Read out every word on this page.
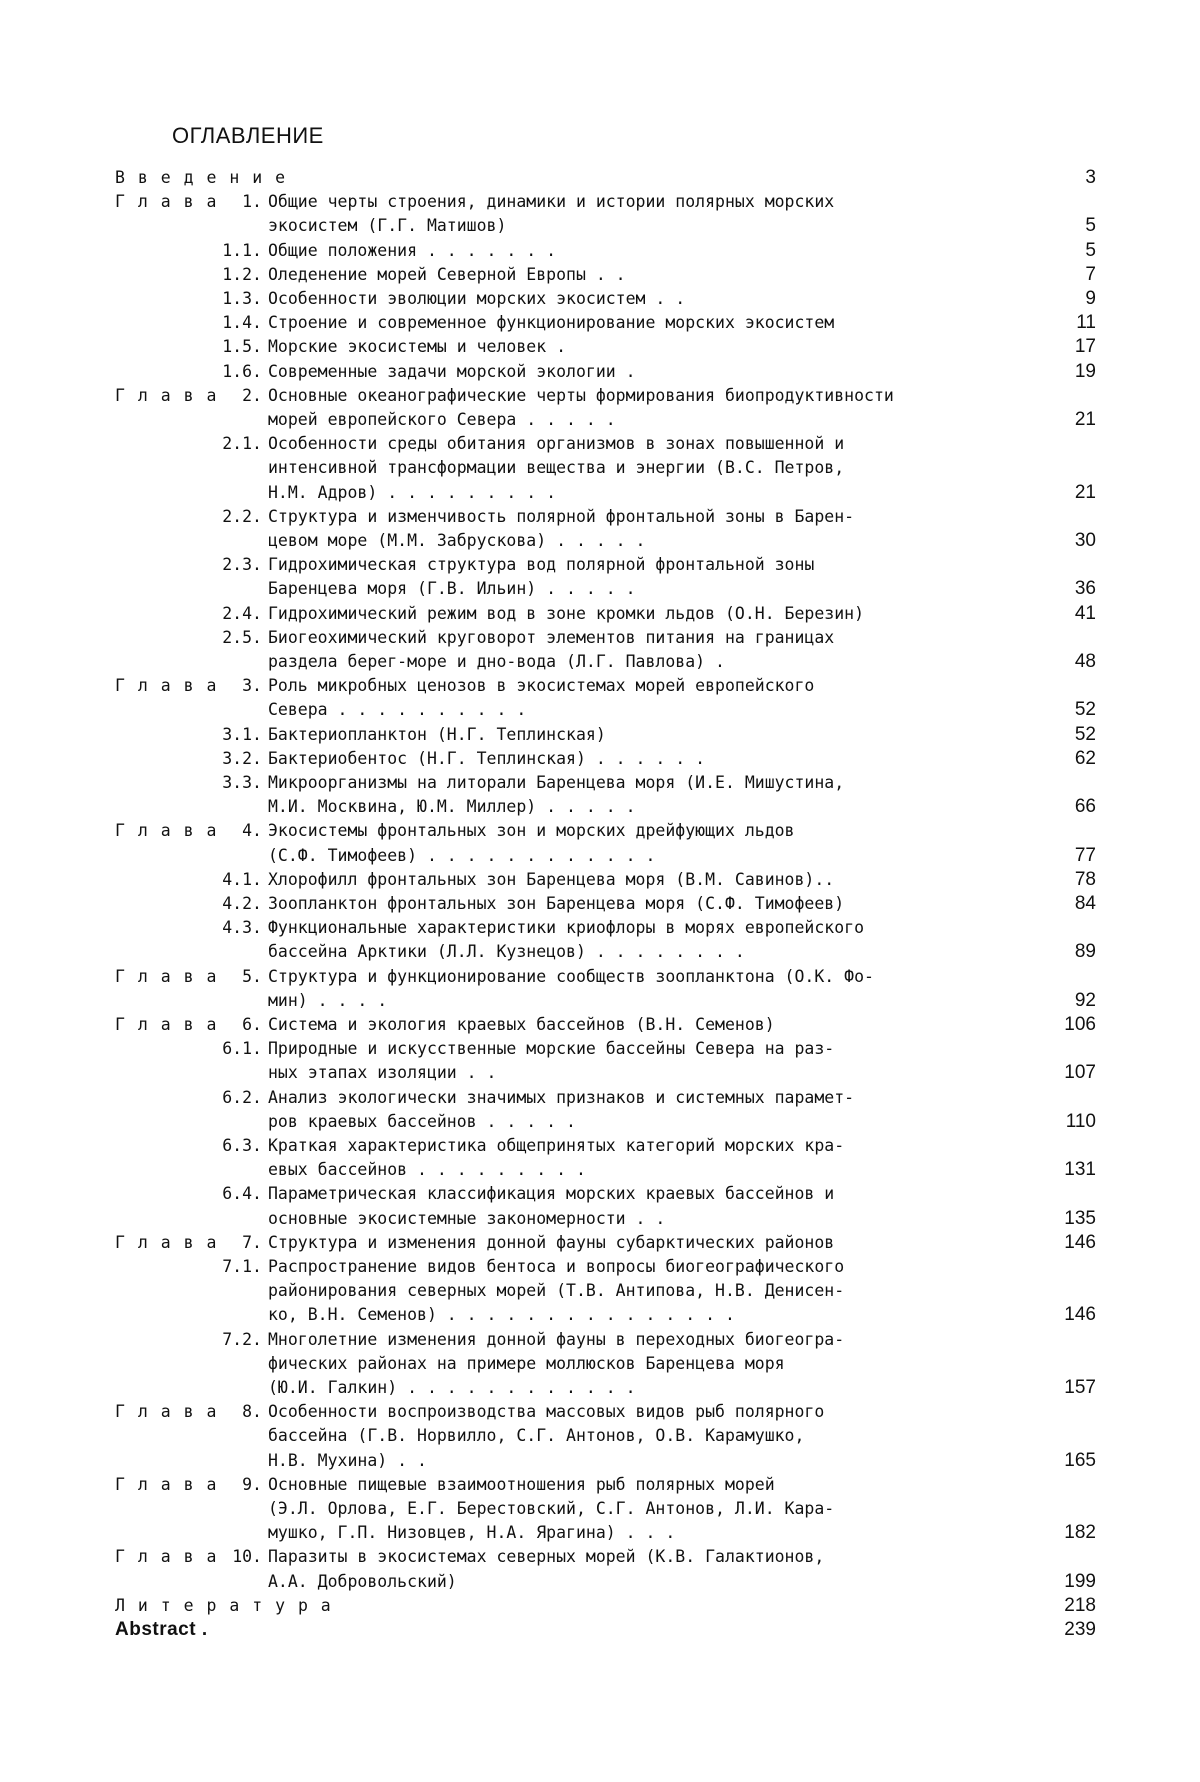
ОГЛАВЛЕНИЕ
В в е д е н и е	3
Г л а в а	1. Общие черты строения, динамики и истории полярных морских
экосистем (Г.Г. Матишов)	5
1.1. Общие положения . . . . . . .	5
1.2. Оледенение морей Северной Европы . .	7
1.3. Особенности эволюции морских экосистем . .	9
1.4. Строение и современное функционирование морских экосистем	11
1.5. Морские экосистемы и человек .	17
1.6. Современные задачи морской экологии .	19
Г л а в а	2. Основные океанографические черты формирования биопродуктивности
морей европейского Севера . . . . .	21
2.1. Особенности среды обитания организмов в зонах повышенной и
интенсивной трансформации вещества и энергии (В.С. Петров,
Н.М. Адров) . . . . . . . . .	21
2.2. Структура и изменчивость полярной фронтальной зоны в Барен-
цевом море (М.М. Забрускова) . . . . .	30
2.3. Гидрохимическая структура вод полярной фронтальной зоны
Баренцева моря (Г.В. Ильин) . . . . .	36
2.4. Гидрохимический режим вод в зоне кромки льдов (О.Н. Березин)	41
2.5. Биогеохимический круговорот элементов питания на границах
раздела берег-море и дно-вода (Л.Г. Павлова) .	48
Г л а в а	3. Роль микробных ценозов в экосистемах морей европейского
Севера . . . . . . . . . .	52
3.1. Бактериопланктон (Н.Г. Теплинская)	52
3.2. Бактериобентос (Н.Г. Теплинская) . . . . . .	62
3.3. Микроорганизмы на литорали Баренцева моря (И.Е. Мишустина,
М.И. Москвина, Ю.М. Миллер) . . . . .	66
Г л а в а	4. Экосистемы фронтальных зон и морских дрейфующих льдов
(С.Ф. Тимофеев) . . . . . . . . . . . .	77
4.1. Хлорофилл фронтальных зон Баренцева моря (В.М. Савинов)..	78
4.2. Зоопланктон фронтальных зон Баренцева моря (С.Ф. Тимофеев)	84
4.3. Функциональные характеристики криофлоры в морях европейского
бассейна Арктики (Л.Л. Кузнецов) . . . . . . . .	89
Г л а в а	5. Структура и функционирование сообществ зоопланктона (О.К. Фо-
мин) . . . .	92
Г л а в а	6. Система и экология краевых бассейнов (В.Н. Семенов)	106
6.1. Природные и искусственные морские бассейны Севера на раз-
ных этапах изоляции . .	107
6.2. Анализ экологически значимых признаков и системных парамет-
ров краевых бассейнов . . . . .	110
6.3. Краткая характеристика общепринятых категорий морских кра-
евых бассейнов . . . . . . . . .	131
6.4. Параметрическая классификация морских краевых бассейнов и
основные экосистемные закономерности . .	135
Г л а в а	7. Структура и изменения донной фауны субарктических районов	146
7.1. Распространение видов бентоса и вопросы биогеографического
районирования северных морей (Т.В. Антипова, Н.В. Денисен-
ко, В.Н. Семенов) . . . . . . . . . . . . . . .	146
7.2. Многолетние изменения донной фауны в переходных биогеогра-
фических районах на примере моллюсков Баренцева моря
(Ю.И. Галкин) . . . . . . . . . . . .	157
Г л а в а	8. Особенности воспроизводства массовых видов рыб полярного
бассейна (Г.В. Норвилло, С.Г. Антонов, О.В. Карамушко,
Н.В. Мухина) . .	165
Г л а в а	9. Основные пищевые взаимоотношения рыб полярных морей
(Э.Л. Орлова, Е.Г. Берестовский, С.Г. Антонов, Л.И. Кара-
мушко, Г.П. Низовцев, Н.А. Ярагина) . . .	182
Г л а в а 10. Паразиты в экосистемах северных морей (К.В. Галактионов,
А.А. Добровольский)	199
Л и т е р а т у р а	218
Abstract .	239
